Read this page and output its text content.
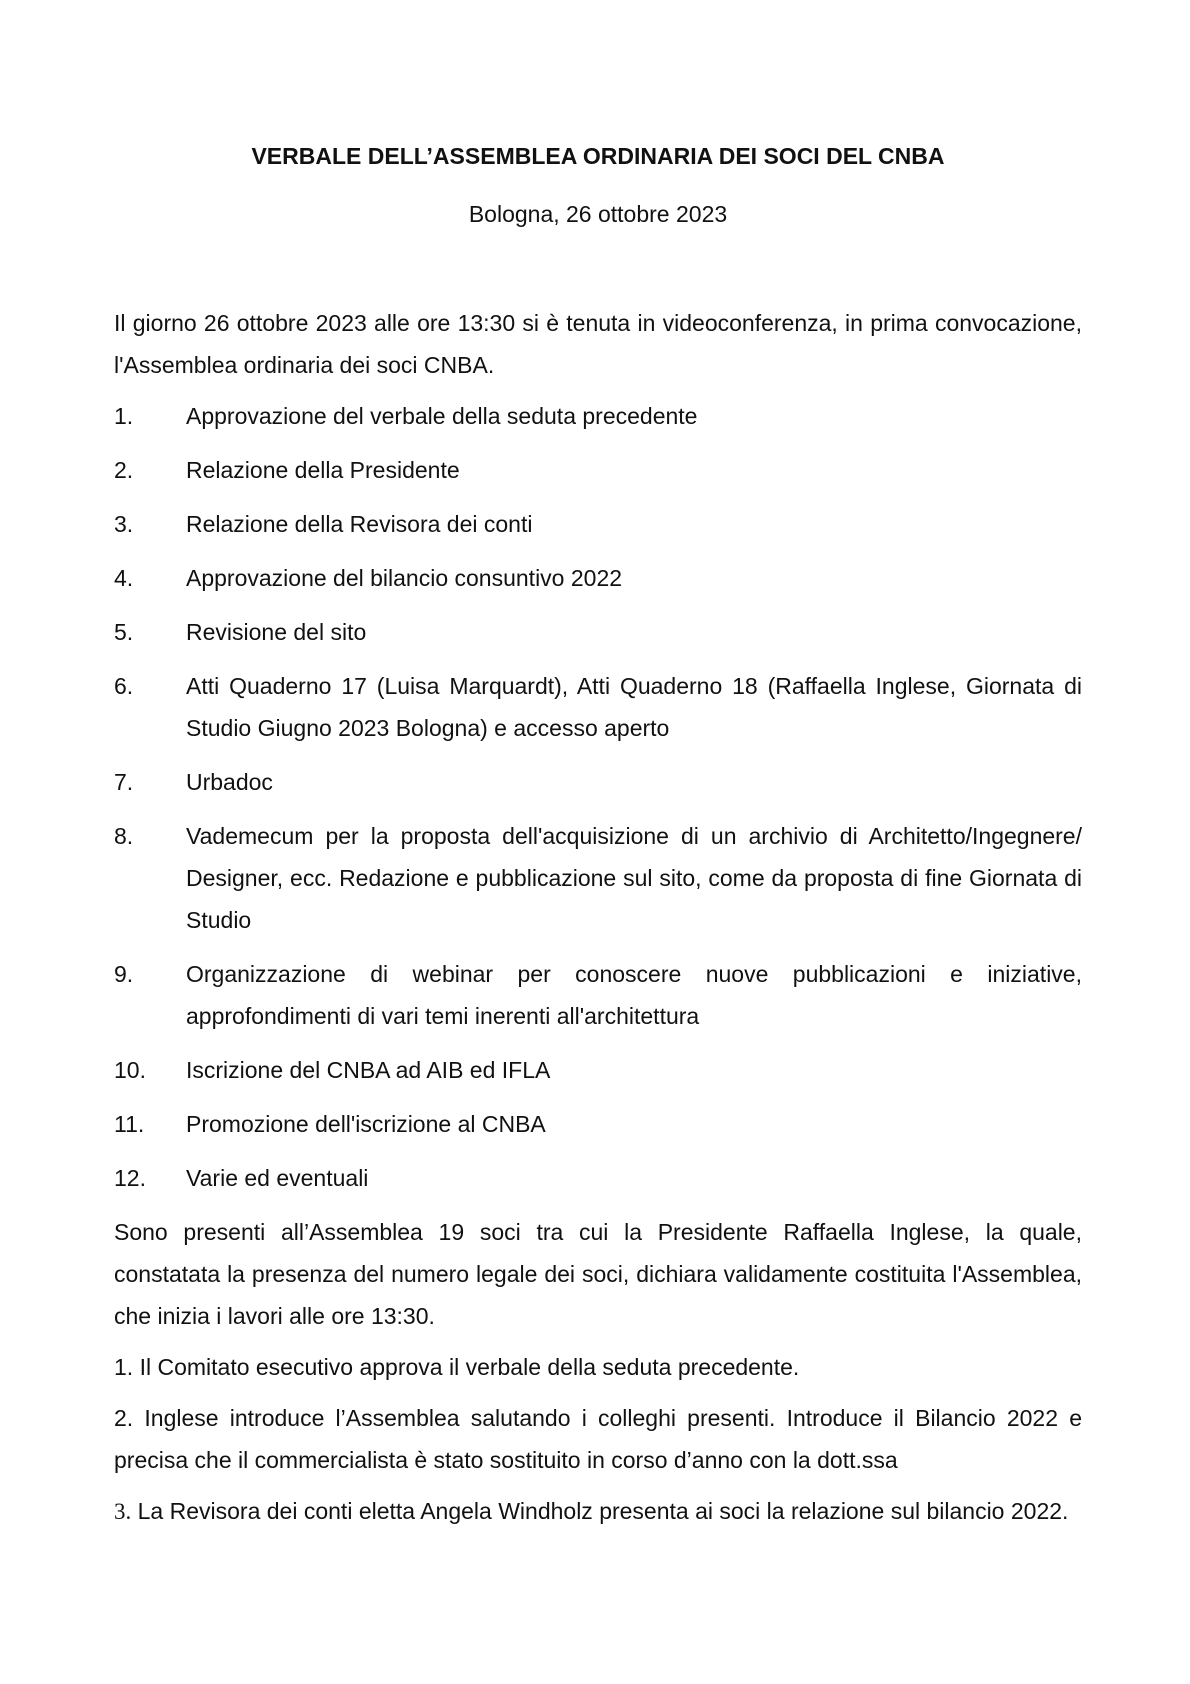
VERBALE DELL’ASSEMBLEA ORDINARIA DEI SOCI DEL CNBA
Bologna, 26 ottobre 2023

Il giorno 26 ottobre 2023 alle ore 13:30 si è tenuta in videoconferenza, in prima convocazione, l'Assemblea ordinaria dei soci CNBA.

1.	Approvazione del verbale della seduta precedente
2.	Relazione della Presidente
3.	Relazione della Revisora dei conti
4.	Approvazione del bilancio consuntivo 2022
5.	Revisione del sito
6.	Atti Quaderno 17 (Luisa Marquardt), Atti Quaderno 18 (Raffaella Inglese, Giornata di Studio Giugno 2023 Bologna) e accesso aperto
7.	Urbadoc
8.	Vademecum per la proposta dell'acquisizione di un archivio di Architetto/Ingegnere/ Designer, ecc. Redazione e pubblicazione sul sito, come da proposta di fine Giornata di Studio
9.	Organizzazione di webinar per conoscere nuove pubblicazioni e iniziative, approfondimenti di vari temi inerenti all'architettura
10.	Iscrizione del CNBA ad AIB ed IFLA
11.	Promozione dell'iscrizione al CNBA
12.	Varie ed eventuali

Sono presenti all’Assemblea 19 soci tra cui la Presidente Raffaella Inglese, la quale, constatata la presenza del numero legale dei soci, dichiara validamente costituita l'Assemblea, che inizia i lavori alle ore 13:30.

1. Il Comitato esecutivo approva il verbale della seduta precedente.

2. Inglese introduce l’Assemblea salutando i colleghi presenti. Introduce il Bilancio 2022 e precisa che il commercialista è stato sostituito in corso d’anno con la dott.ssa

3. La Revisora dei conti eletta Angela Windholz presenta ai soci la relazione sul bilancio 2022.
